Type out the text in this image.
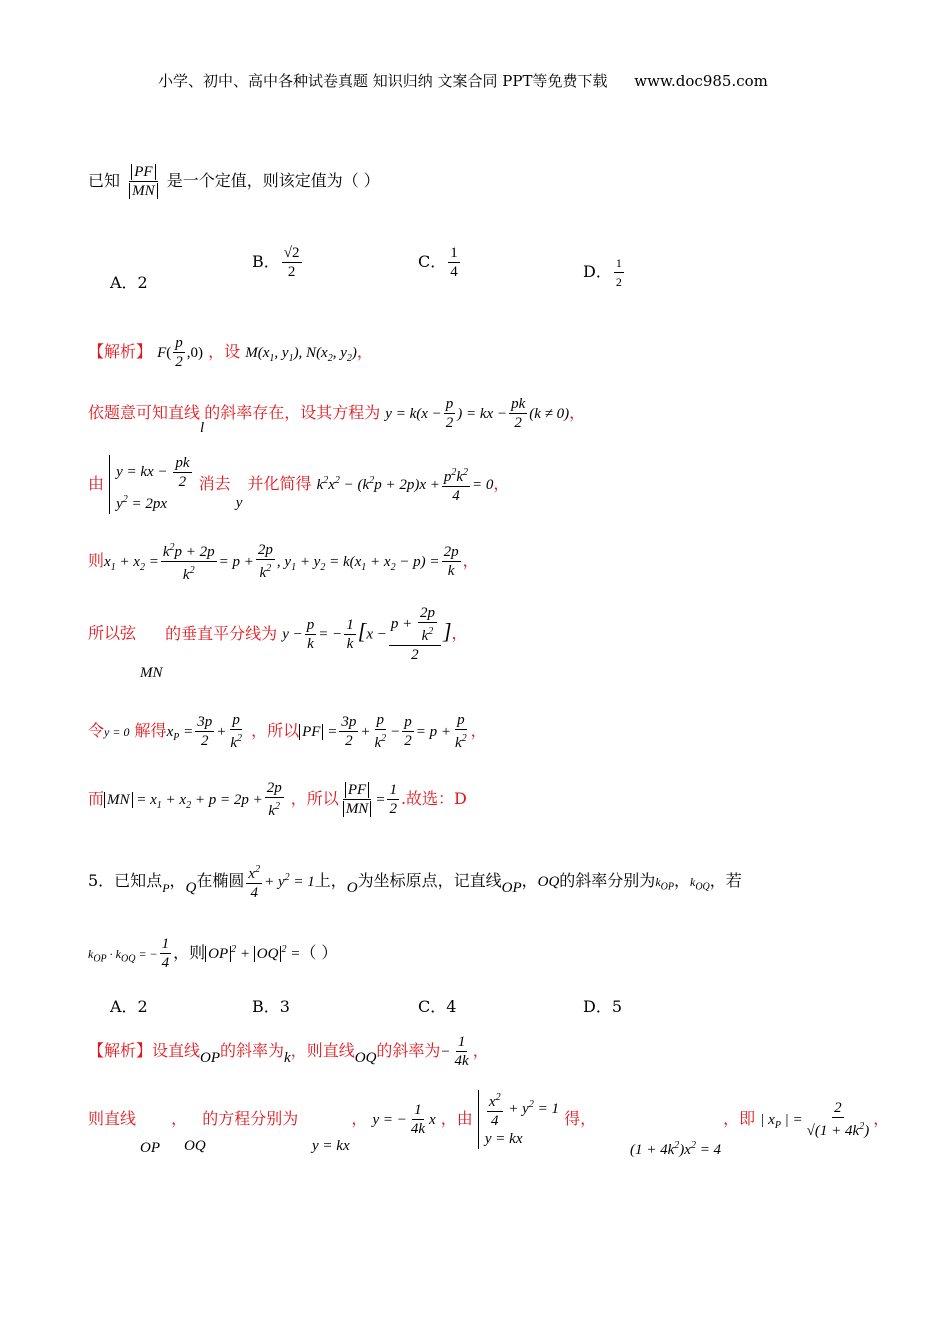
小学、初中、高中各种试卷真题 知识归纳 文案合同 PPT等免费下载 www.doc985.com
已知 $\frac{PF}{MN}$ 是一个定值，则该定值为（ ）
A．2
B． $\frac{√2}{2}$	C． $\frac{1}{4}$	D． $\frac{1}{2}$
【解析】 $F( \frac{p}{2} ,0)$ ，设 $M(x_1$, $y_1$), $N(x_2$, $y_2$)，
依题意可知直线l的斜率存在，设其方程为 $y = k(x - \frac{p}{2}$ ) = kx − $\frac{pk}{2} (k \ne 0)$，
由
y = kx − $\frac{pk}{2}$
$y^2 = 2px$
消去 y 并化简得 $k^2x^2 - (k^2p + 2p)x + \frac{p^2k^2}{4} = 0$，
则$x_1 + x_2 = \frac{k^2p + 2p}{k^2} = p + \frac{2p}{k^2}$ , $y_1 + y_2 = k(x_1 + x_2 - p) = \frac{2p}{k}$ ，
所以弦
MN
的垂直平分线为 $y - \frac{p}{k}$ = − $\frac{1}{k} [x - \frac{p + \frac{2p}{k^2}}{2}$ ]，
令y = 0 解得$x_P = \frac{3p}{2} + \frac{p}{k^2}$ ，所以 PF = $\frac{3p}{2} + \frac{p}{k^2} - \frac{p}{2} = p + \frac{p}{k^2}$ ，
而 MN = $x_1 + x_2 + p = 2p + \frac{2p}{k^2}$ ，所以 $\frac{PF}{MN} = \frac{1}{2}$ .故选：D
5．已知点$_P$，Q在椭圆 $\frac{x^2}{4} + y^2 = 1$上，O为坐标原点，记直线OP，OQ的斜率分别为$k_{OP}$，$k_{OQ}$，若
$k_{OP} \cdot k_{OQ}$ = − $\frac{1}{4}$ ，则 OP $^2$ + OQ $^2$ =（ ）
A．2	B．3	C．4	D．5
【解析】设直线OP的斜率为k，则直线OQ的斜率为− $\frac{1}{4k}$ ，
则直线
OP OQ
， 的方程分别为
y = kx
， y = − $\frac{1}{4k}$ x ，由 $\frac{x^2}{4} + y^2 = 1$
y = kx
得，
$(1 + 4k^2)x^2 = 4$
，即 | $x_P$ | = $\frac{2}{√(1 + 4k^2)}$ ，
